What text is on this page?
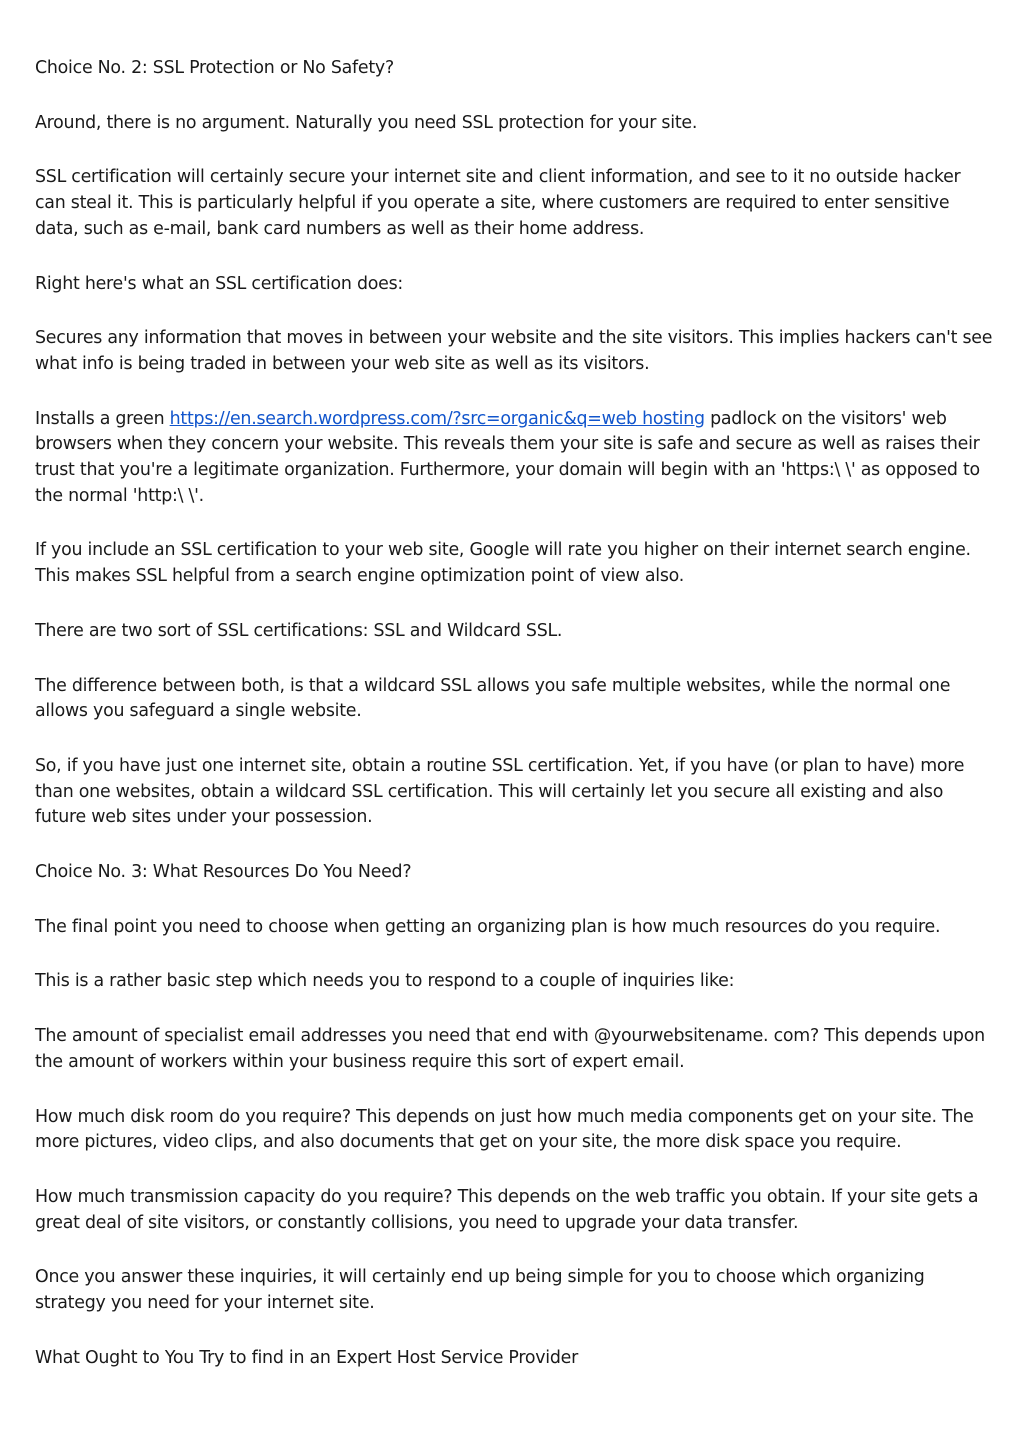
Choice No. 2: SSL Protection or No Safety?

Around, there is no argument. Naturally you need SSL protection for your site.

SSL certification will certainly secure your internet site and client information, and see to it no outside hacker can steal it. This is particularly helpful if you operate a site, where customers are required to enter sensitive data, such as e-mail, bank card numbers as well as their home address.

Right here's what an SSL certification does:

Secures any information that moves in between your website and the site visitors. This implies hackers can't see what info is being traded in between your web site as well as its visitors.

Installs a green https://en.search.wordpress.com/?src=organic&q=web hosting padlock on the visitors' web browsers when they concern your website. This reveals them your site is safe and secure as well as raises their trust that you're a legitimate organization. Furthermore, your domain will begin with an 'https:\ \' as opposed to the normal 'http:\ \'.

If you include an SSL certification to your web site, Google will rate you higher on their internet search engine. This makes SSL helpful from a search engine optimization point of view also.

There are two sort of SSL certifications: SSL and Wildcard SSL.

The difference between both, is that a wildcard SSL allows you safe multiple websites, while the normal one allows you safeguard a single website.

So, if you have just one internet site, obtain a routine SSL certification. Yet, if you have (or plan to have) more than one websites, obtain a wildcard SSL certification. This will certainly let you secure all existing and also future web sites under your possession.

Choice No. 3: What Resources Do You Need?

The final point you need to choose when getting an organizing plan is how much resources do you require.

This is a rather basic step which needs you to respond to a couple of inquiries like:

The amount of specialist email addresses you need that end with @yourwebsitename. com? This depends upon the amount of workers within your business require this sort of expert email.

How much disk room do you require? This depends on just how much media components get on your site. The more pictures, video clips, and also documents that get on your site, the more disk space you require.

How much transmission capacity do you require? This depends on the web traffic you obtain. If your site gets a great deal of site visitors, or constantly collisions, you need to upgrade your data transfer.

Once you answer these inquiries, it will certainly end up being simple for you to choose which organizing strategy you need for your internet site.

What Ought to You Try to find in an Expert Host Service Provider
